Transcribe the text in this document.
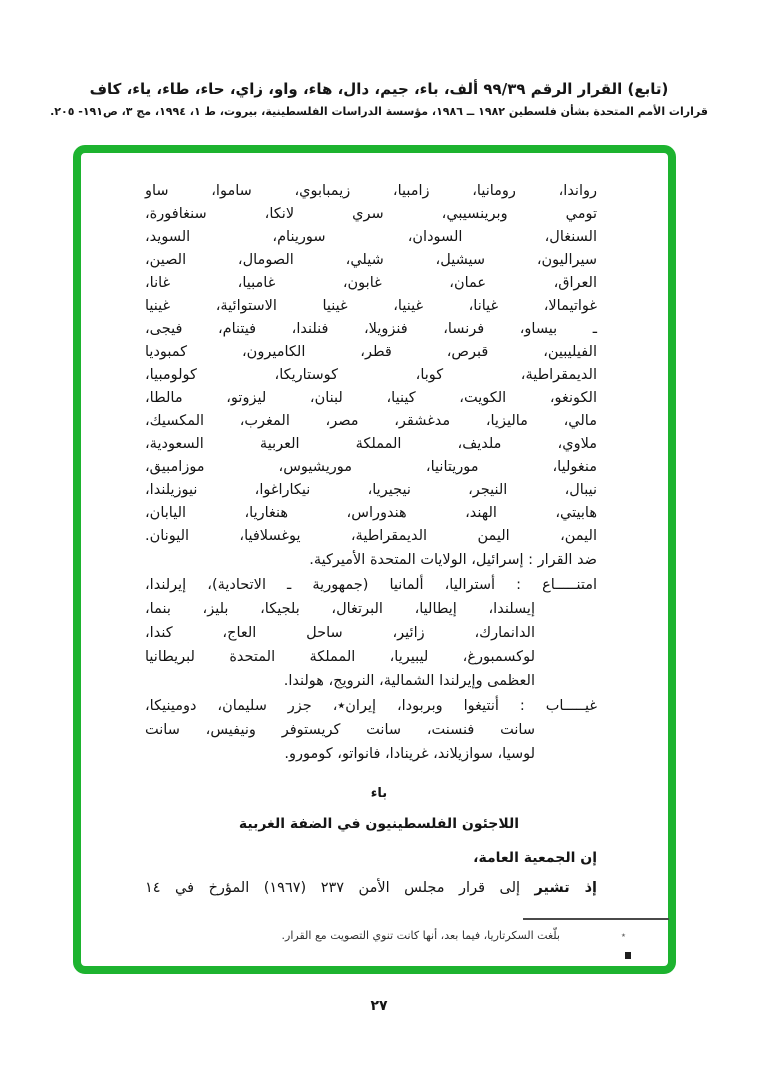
(تابع) القرار الرقم ٩٩/٣٩ ألف، باء، جيم، دال، هاء، واو، زاي، حاء، طاء، ياء، كاف
قرارات الأمم المتحدة بشأن فلسطين ١٩٨٢ ــ ١٩٨٦، مؤسسة الدراسات الفلسطينية، بيروت، ط ١، ١٩٩٤، مج ٣، ص١٩١- ٢٠٥.
رواندا، رومانيا، زامبيا، زيمبابوي، ساموا، ساو
تومي وبرينسيبي، سري لانكا، سنغافورة،
السنغال، السودان، سورينام، السويد،
سيراليون، سيشيل، شيلي، الصومال، الصين،
العراق، عمان، غابون، غامبيا، غانا،
غواتيمالا، غيانا، غينيا، غينيا الاستوائية، غينيا
ـ بيساو، فرنسا، فنزويلا، فنلندا، فيتنام، فيجى،
الفيليبين، قبرص، قطر، الكاميرون، كمبوديا
الديمقراطية، كوبا، كوستاريكا، كولومبيا،
الكونغو، الكويت، كينيا، لبنان، ليزوتو، مالطا،
مالي، ماليزيا، مدغشقر، مصر، المغرب، المكسيك،
ملاوي، ملديف، المملكة العربية السعودية،
منغوليا، موريتانيا، موريشيوس، موزامبيق،
نيبال، النيجر، نيجيريا، نيكاراغوا، نيوزيلندا،
هابيتي، الهند، هندوراس، هنغاريا، اليابان،
اليمن، اليمن الديمقراطية، يوغسلافيا، اليونان.
ضد القرار : إسرائيل، الولايات المتحدة الأميركية.
امتنـــــاع : أستراليا، ألمانيا (جمهورية ـ الاتحادية)، إيرلندا،
إيسلندا، إيطاليا، البرتغال، بلجيكا، بليز، بنما،
الدانمارك، زائير، ساحل العاج، كندا،
لوكسمبورغ، ليبيريا، المملكة المتحدة لبريطانيا
العظمى وإيرلندا الشمالية، النرويج، هولندا.
غيـــــاب : أنتيغوا وبربودا، إيران٭، جزر سليمان، دومينيكا،
سانت فنسنت، سانت كريستوفر ونيفيس، سانت
لوسيا، سوازيلاند، غرينادا، فانواتو، كومورو.
باء
اللاجئون الفلسطينيون في الضفة الغربية
إن الجمعية العامة،
إذ تشير إلى قرار مجلس الأمن ٢٣٧ (١٩٦٧) المؤرخ في ١٤
٭
بلّغت السكرتاريا، فيما بعد، أنها كانت تنوي التصويت مع القرار.
٢٧
